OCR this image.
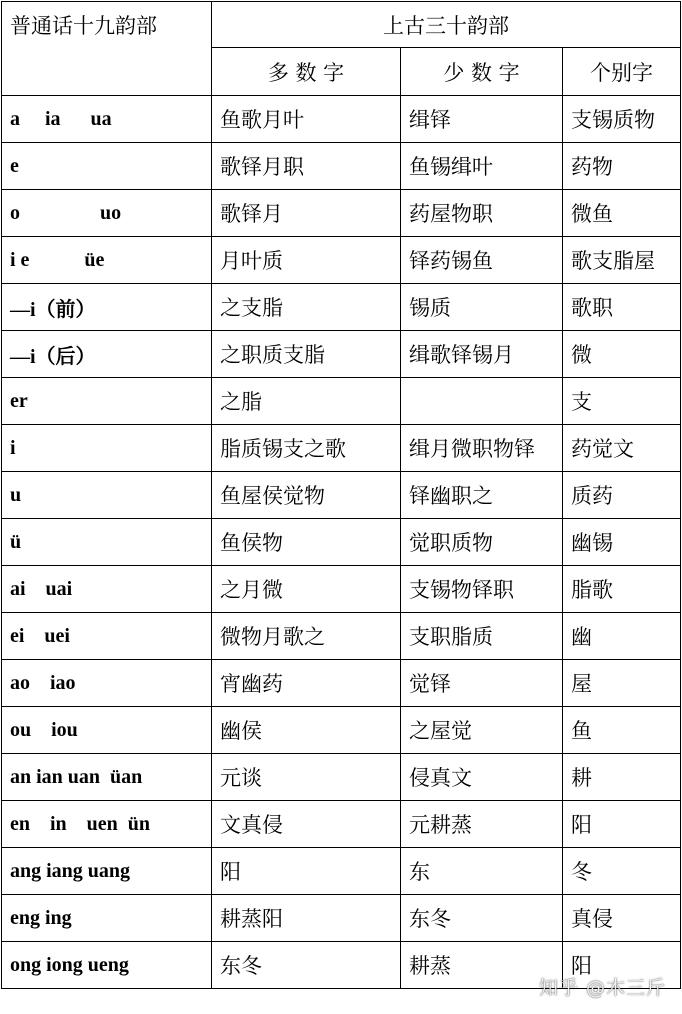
普通话十九韵部	上古三十韵部		
	多 数 字	少 数 字	个别字
a     ia      ua	鱼歌月叶	缉铎	支锡质物
e	歌铎月职	鱼锡缉叶	药物
o                uo	歌铎月	药屋物职	微鱼
i e           üe	月叶质	铎药锡鱼	歌支脂屋
—i（前）	之支脂	锡质	歌职
—i（后）	之职质支脂	缉歌铎锡月	微
er	之脂		支
i	脂质锡支之歌	缉月微职物铎	药觉文
u	鱼屋侯觉物	铎幽职之	质药
ü	鱼侯物	觉职质物	幽锡
ai    uai	之月微	支锡物铎职	脂歌
ei    uei	微物月歌之	支职脂质	幽
ao    iao	宵幽药	觉铎	屋
ou    iou	幽侯	之屋觉	鱼
an ian uan  üan	元谈	侵真文	耕
en    in    uen  ün	文真侵	元耕蒸	阳
ang iang uang	阳	东	冬
eng ing	耕蒸阳	东冬	真侵
ong iong ueng	东冬	耕蒸	阳
知乎 @木三斤
